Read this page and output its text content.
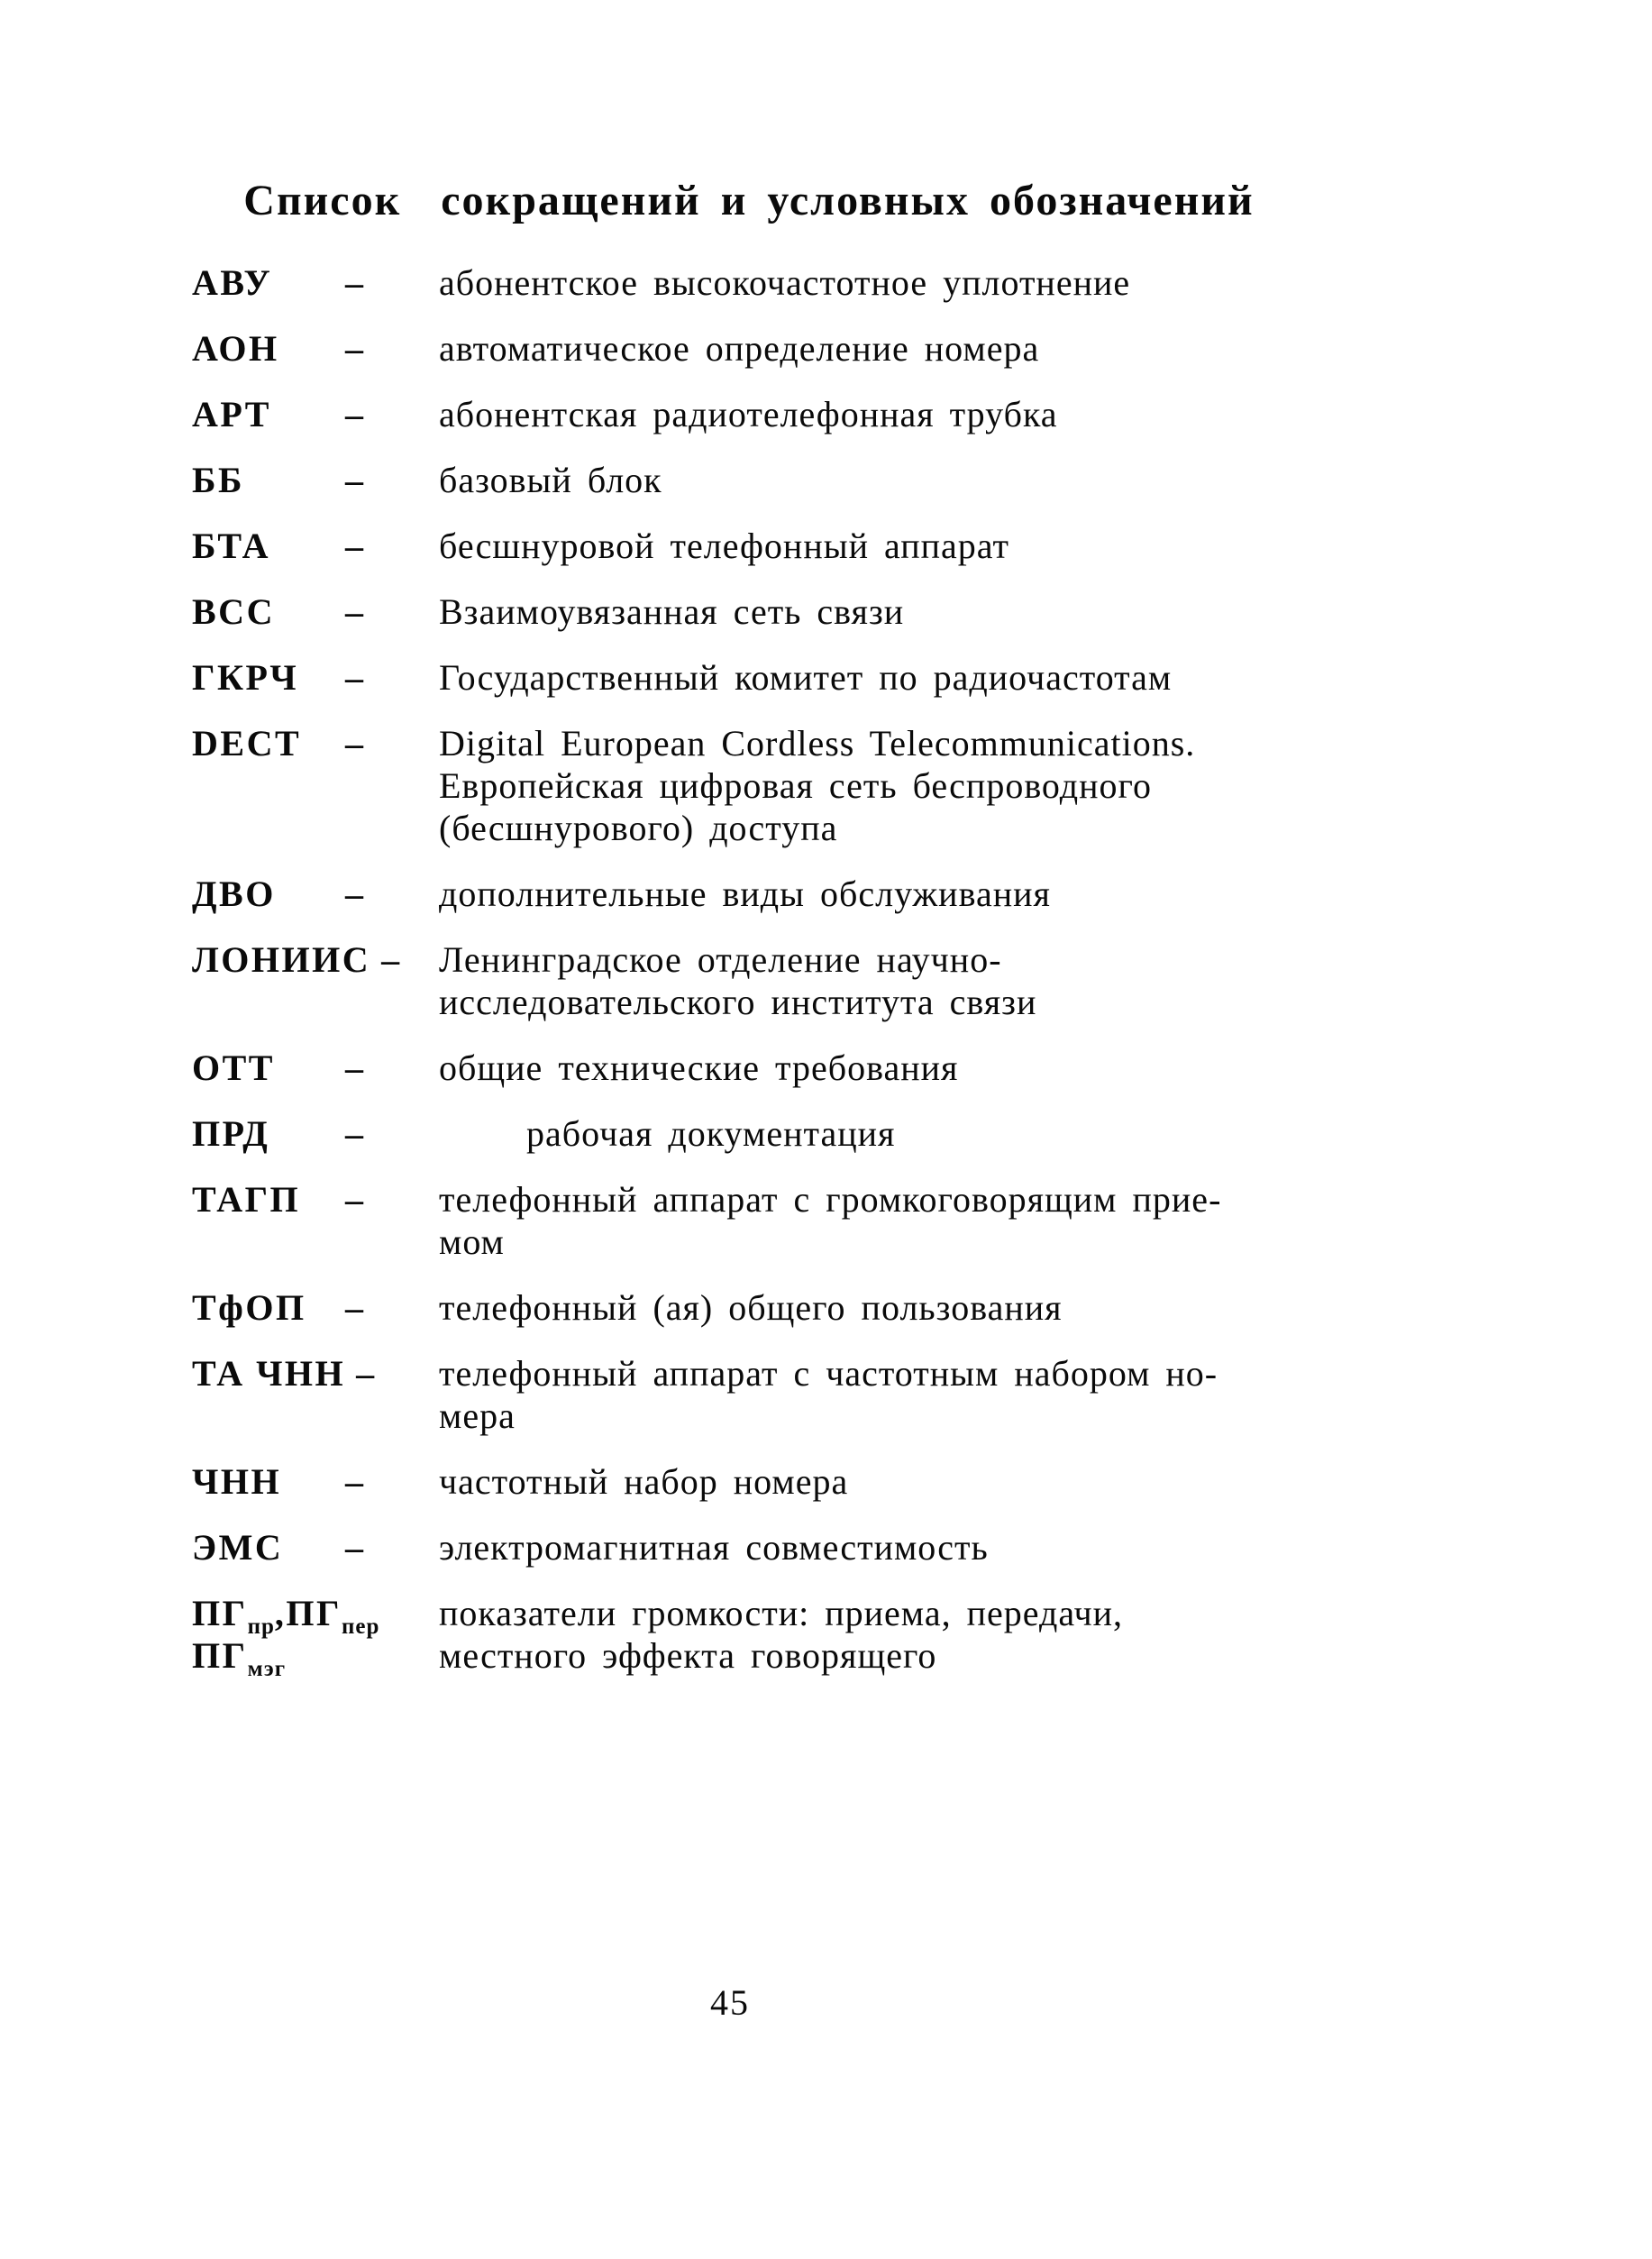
Список  сокращений и условных обозначений
АВУ – абонентское высокочастотное уплотнение
АОН – автоматическое определение номера
АРТ – абонентская радиотелефонная трубка
ББ	– базовый блок
БТА – бесшнуровой телефонный аппарат
ВСС – Взаимоувязанная сеть связи
ГКРЧ – Государственный комитет по радиочастотам
DECT – Digital European Cordless Telecommunications.
Европейская цифровая сеть беспроводного
(бесшнурового) доступа
ДВО – дополнительные виды обслуживания
ЛОНИИС – Ленинградское отделение научно-
исследовательского института связи
ОТТ – общие технические требования
ПРД –	рабочая документация
ТАГП – телефонный аппарат с громкоговорящим прие-
мом
ТфОП – телефонный (ая) общего пользования
ТА ЧНН – телефонный аппарат с частотным набором но-
мера
ЧНН – частотный набор номера
ЭМС – электромагнитная совместимость
$ПГ_{пр},ПГ_{пер}$
$ПГ_{мэг}$
показатели громкости: приема, передачи,
местного эффекта говорящего
45
